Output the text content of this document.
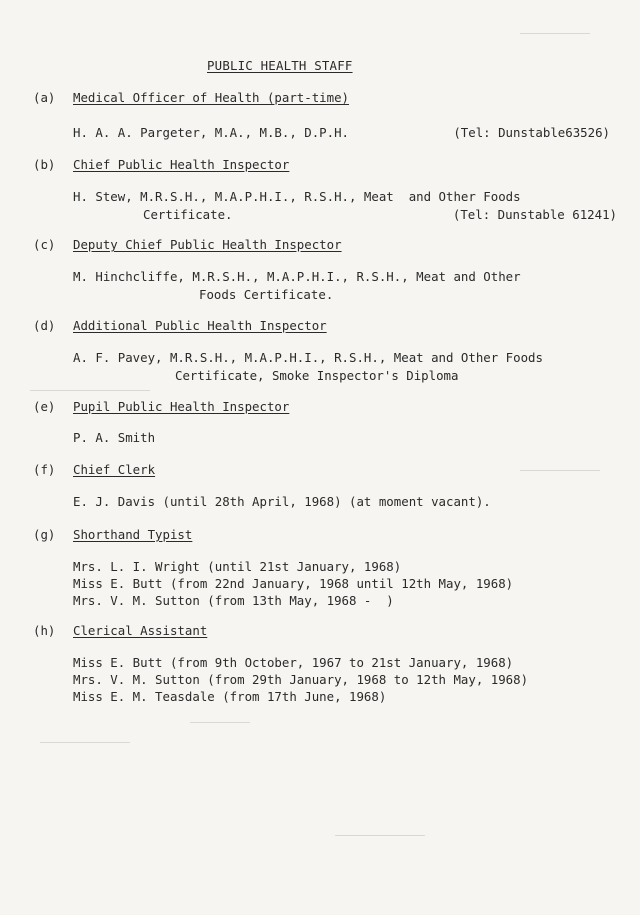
PUBLIC HEALTH STAFF
(a) Medical Officer of Health (part-time)
H. A. A. Pargeter, M.A., M.B., D.P.H.	(Tel: Dunstable63526)
(b) Chief Public Health Inspector
H. Stew, M.R.S.H., M.A.P.H.I., R.S.H., Meat  and Other Foods
Certificate.	(Tel: Dunstable 61241)
(c) Deputy Chief Public Health Inspector
M. Hinchcliffe, M.R.S.H., M.A.P.H.I., R.S.H., Meat and Other
Foods Certificate.
(d) Additional Public Health Inspector
A. F. Pavey, M.R.S.H., M.A.P.H.I., R.S.H., Meat and Other Foods
Certificate, Smoke Inspector's Diploma
(e) Pupil Public Health Inspector
P. A. Smith
(f) Chief Clerk
E. J. Davis (until 28th April, 1968) (at moment vacant).
(g) Shorthand Typist
Mrs. L. I. Wright (until 21st January, 1968)
Miss E. Butt (from 22nd January, 1968 until 12th May, 1968)
Mrs. V. M. Sutton (from 13th May, 1968 -  )
(h) Clerical Assistant
Miss E. Butt (from 9th October, 1967 to 21st January, 1968)
Mrs. V. M. Sutton (from 29th January, 1968 to 12th May, 1968)
Miss E. M. Teasdale (from 17th June, 1968)
